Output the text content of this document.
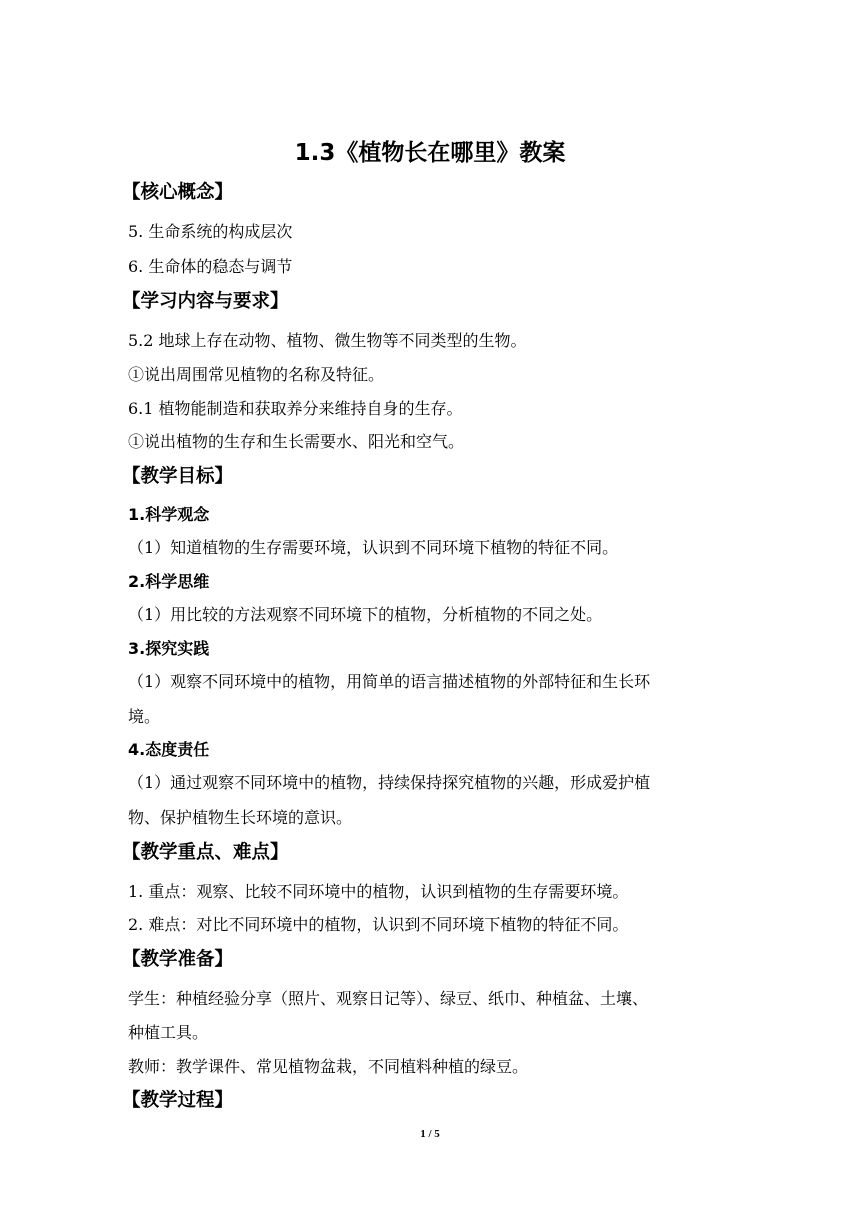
1.3《植物长在哪里》教案
【核心概念】
5. 生命系统的构成层次
6. 生命体的稳态与调节
【学习内容与要求】
5.2 地球上存在动物、植物、微生物等不同类型的生物。
①说出周围常见植物的名称及特征。
6.1 植物能制造和获取养分来维持自身的生存。
①说出植物的生存和生长需要水、阳光和空气。
【教学目标】
1.科学观念
（1）知道植物的生存需要环境，认识到不同环境下植物的特征不同。
2.科学思维
（1）用比较的方法观察不同环境下的植物，分析植物的不同之处。
3.探究实践
（1）观察不同环境中的植物，用简单的语言描述植物的外部特征和生长环
境。
4.态度责任
（1）通过观察不同环境中的植物，持续保持探究植物的兴趣，形成爱护植
物、保护植物生长环境的意识。
【教学重点、难点】
1. 重点：观察、比较不同环境中的植物，认识到植物的生存需要环境。
2. 难点：对比不同环境中的植物，认识到不同环境下植物的特征不同。
【教学准备】
学生：种植经验分享（照片、观察日记等）、绿豆、纸巾、种植盆、土壤、
种植工具。
教师：教学课件、常见植物盆栽，不同植料种植的绿豆。
【教学过程】
1 / 5
